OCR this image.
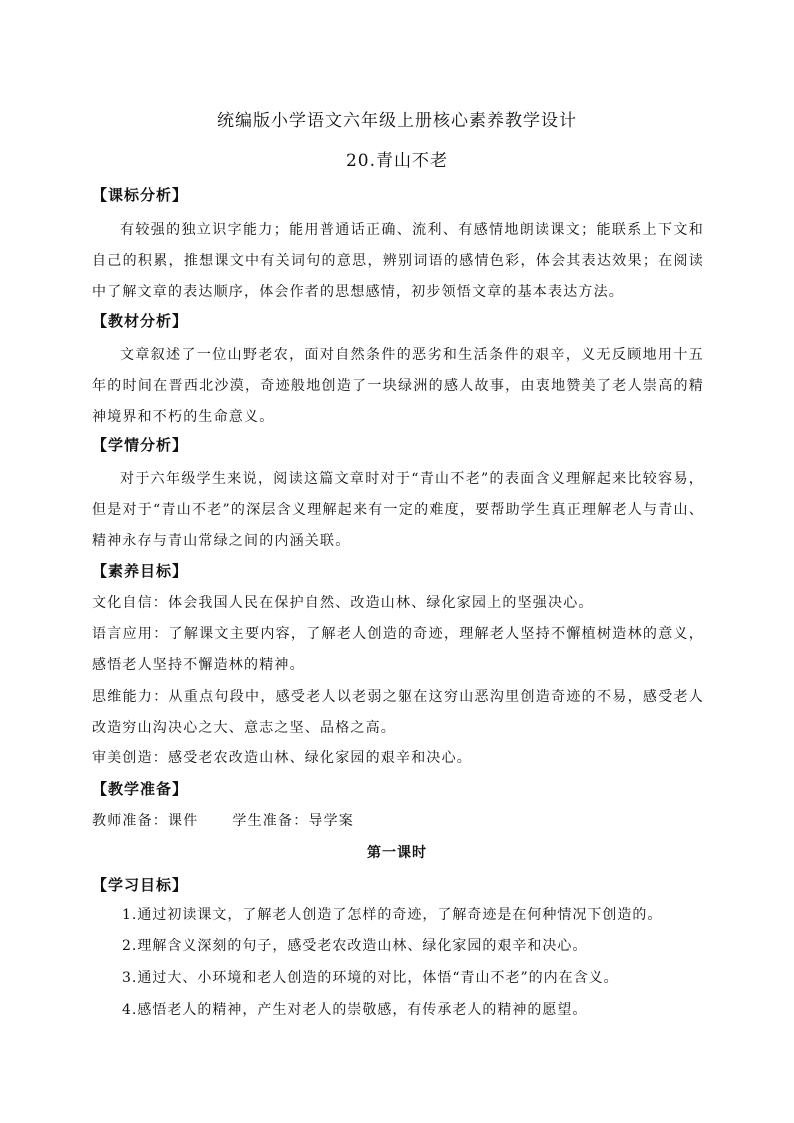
统编版小学语文六年级上册核心素养教学设计
20.青山不老
【课标分析】
有较强的独立识字能力；能用普通话正确、流利、有感情地朗读课文；能联系上下文和自己的积累，推想课文中有关词句的意思，辨别词语的感情色彩，体会其表达效果；在阅读中了解文章的表达顺序，体会作者的思想感情，初步领悟文章的基本表达方法。
【教材分析】
文章叙述了一位山野老农，面对自然条件的恶劣和生活条件的艰辛，义无反顾地用十五年的时间在晋西北沙漠，奇迹般地创造了一块绿洲的感人故事，由衷地赞美了老人崇高的精神境界和不朽的生命意义。
【学情分析】
对于六年级学生来说，阅读这篇文章时对于“青山不老”的表面含义理解起来比较容易，但是对于“青山不老”的深层含义理解起来有一定的难度，要帮助学生真正理解老人与青山、精神永存与青山常绿之间的内涵关联。
【素养目标】
文化自信：体会我国人民在保护自然、改造山林、绿化家园上的坚强决心。
语言应用：了解课文主要内容，了解老人创造的奇迹，理解老人坚持不懈植树造林的意义，感悟老人坚持不懈造林的精神。
思维能力：从重点句段中，感受老人以老弱之躯在这穷山恶沟里创造奇迹的不易，感受老人改造穷山沟决心之大、意志之坚、品格之高。
审美创造：感受老农改造山林、绿化家园的艰辛和决心。
【教学准备】
教师准备：课件 学生准备：导学案
第一课时
【学习目标】
1.通过初读课文，了解老人创造了怎样的奇迹，了解奇迹是在何种情况下创造的。
2.理解含义深刻的句子，感受老农改造山林、绿化家园的艰辛和决心。
3.通过大、小环境和老人创造的环境的对比，体悟“青山不老”的内在含义。
4.感悟老人的精神，产生对老人的崇敬感，有传承老人的精神的愿望。
